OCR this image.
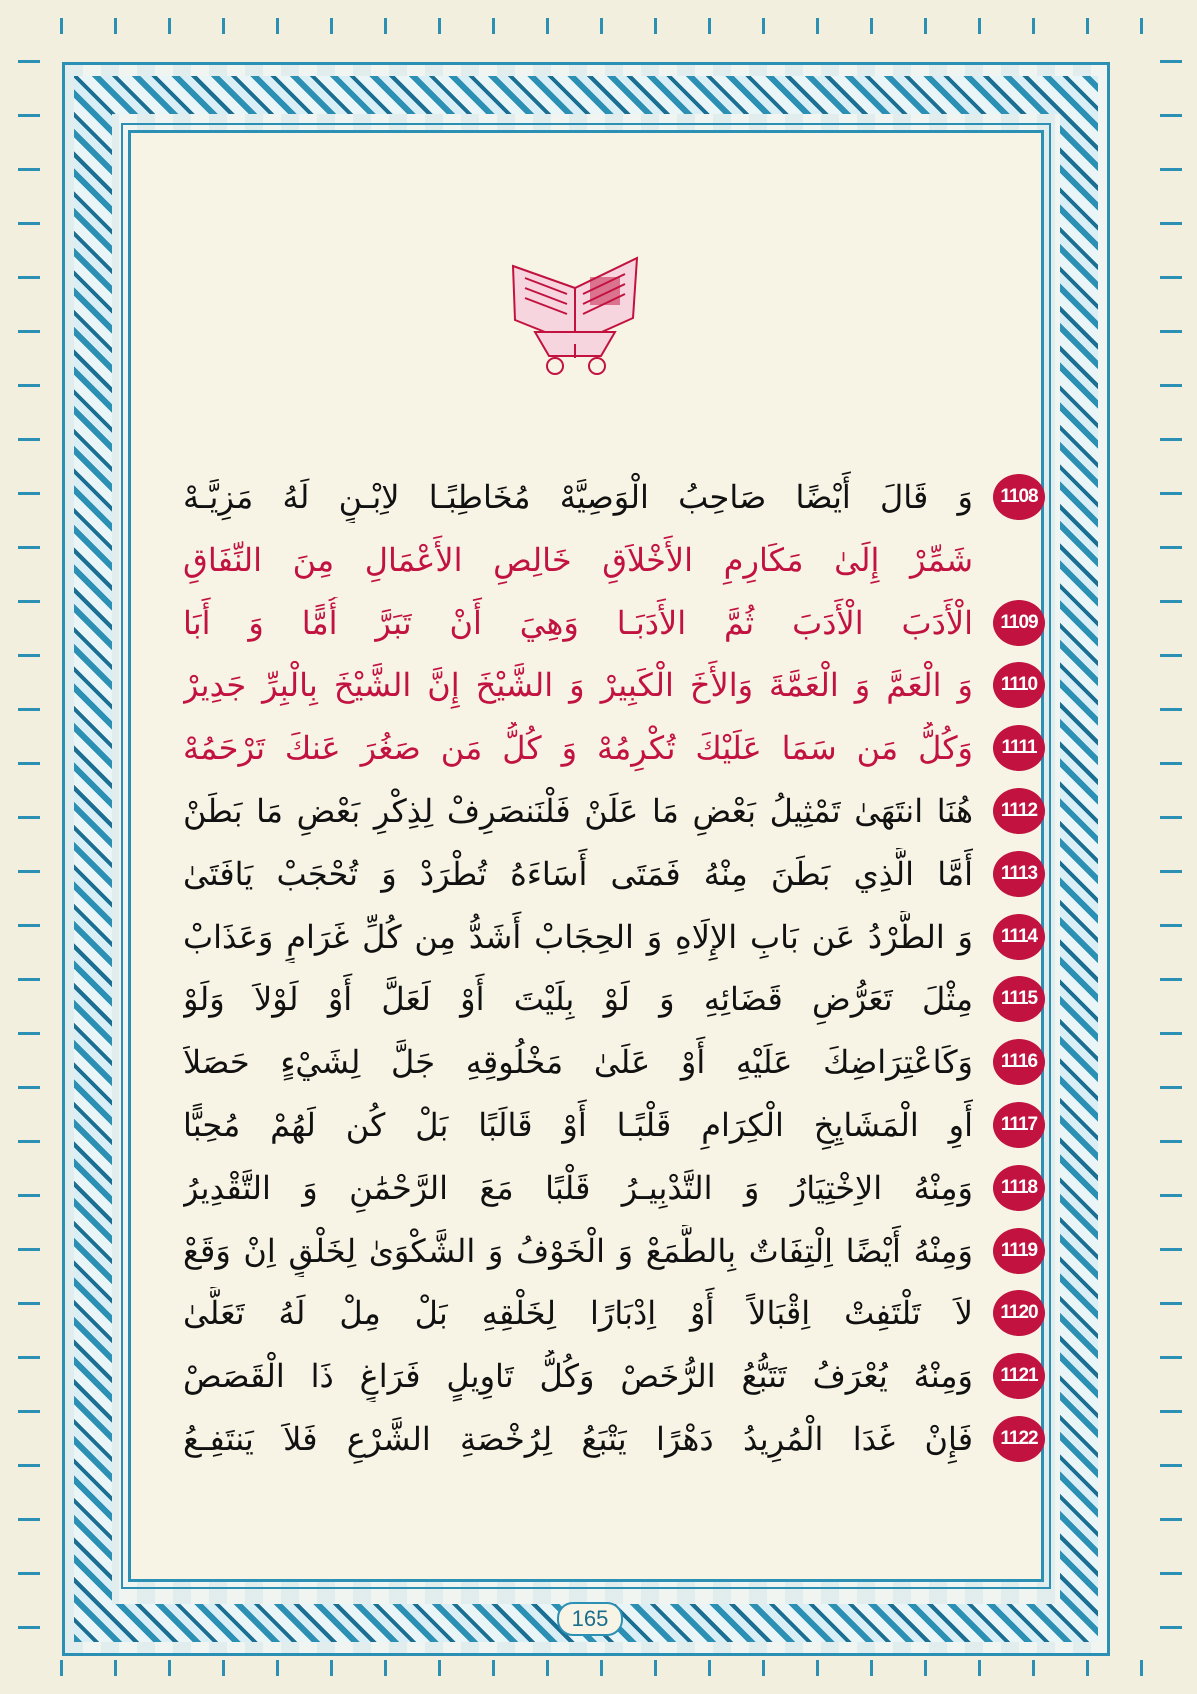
1108
وَ قَالَ أَيْضًا صَاحِبُ الْوَصِيَّهْ مُخَاطِبًـا لاِبْـنٍ لَهُ مَزِيَّـهْ
شَمِّرْ إِلَىٰ مَكَارِمِ الأَخْلاَقِ خَالِصِ الأَعْمَالِ مِنَ النِّفَاقِ
1109
الْأَدَبَ الْأَدَبَ ثُمَّ الأَدَبَـا وَهِيَ أَنْ تَبَرَّ أُمًّا وَ أَبَا
1110
وَ الْعَمَّ وَ الْعَمَّةَ وَالأَخَ الْكَبِيرْ وَ الشَّيْخَ إِنَّ الشَّيْخَ بِالْبِرِّ جَدِيرْ
1111
وَكُلُّ مَن سَمَا عَلَيْكَ تُكْرِمُهْ وَ كُلُّ مَن صَغُرَ عَنكَ تَرْحَمُهْ
1112
هُنَا انتَهَىٰ تَمْثِيلُ بَعْضِ مَا عَلَنْ فَلْنَنصَرِفْ لِذِكْرِ بَعْضِ مَا بَطَنْ
1113
أَمَّا الَّذِي بَطَنَ مِنْهُ فَمَتَى أَسَاءَهُ تُطْرَدْ وَ تُحْجَبْ يَافَتَىٰ
1114
وَ الطَّرْدُ عَن بَابِ الإِلَاهِ وَ الحِجَابْ أَشَدُّ مِن كُلِّ غَرَامٍ وَعَذَابْ
1115
مِثْلَ تَعَرُّضٍ قَضَائِهِ وَ لَوْ بِلَيْتَ أَوْ لَعَلَّ أَوْ لَوْلاَ وَلَوْ
1116
وَكَاعْتِرَاضِكَ عَلَيْهِ أَوْ عَلَىٰ مَخْلُوقِهِ جَلَّ لِشَيْءٍ حَصَلاَ
1117
أَوِ الْمَشَايِخِ الْكِرَامِ قَلْبًـا أَوْ قَالَبًا بَلْ كُن لَهُمْ مُحِبًّا
1118
وَمِنْهُ الاِخْتِيَارُ وَ التَّدْبِيـرُ قَلْبًا مَعَ الرَّحْمَٰنِ وَ التَّقْدِيرُ
1119
وَمِنْهُ أَيْضًا اِلْتِفَاتٌ بِالطَّمَعْ وَ الْخَوْفُ وَ الشَّكْوَىٰ لِخَلْقٍ اِنْ وَقَعْ
1120
لاَ تَلْتَفِتْ اِقْبَالاً أَوْ اِدْبَارًا لِخَلْقِهِ بَلْ مِلْ لَهُ تَعَلَّىٰ
1121
وَمِنْهُ يُعْرَفُ تَتَبُّعُ الرُّخَصْ وَكُلُّ تَاوِيلٍ فَرَاغٍ ذَا الْقَصَصْ
1122
فَإِنْ غَدَا الْمُرِيدُ دَهْرًا يَتْبَعُ لِرُخْصَةِ الشَّرْعِ فَلاَ يَنتَفِـعُ
165
